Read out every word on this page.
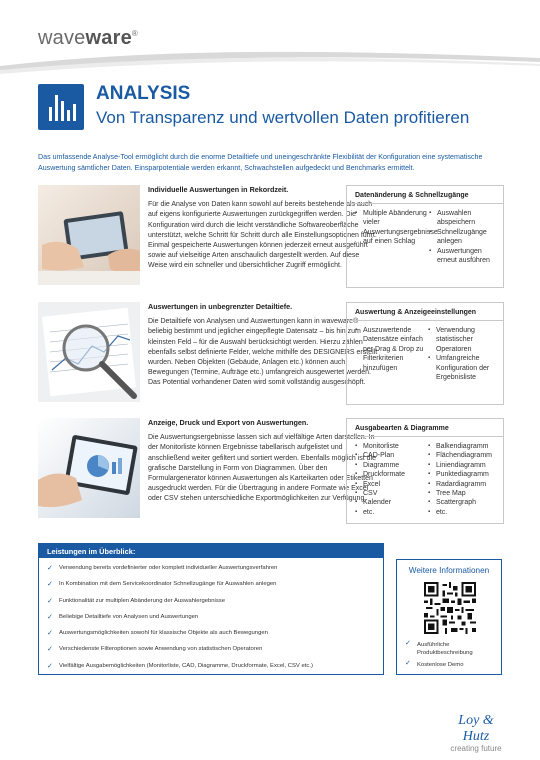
waveware®
ANALYSIS
Von Transparenz und wertvollen Daten profitieren

Das umfassende Analyse-Tool ermöglicht durch die enorme Detailtiefe und uneingeschränkte Flexibilität der Konfiguration eine systematische Auswertung sämtlicher Daten. Einsparpotentiale werden erkannt, Schwachstellen aufgedeckt und Benchmarks ermittelt.

Individuelle Auswertungen in Rekordzeit.

Für die Analyse von Daten kann sowohl auf bereits bestehende als auch auf eigens konfigurierte Auswertungen zurückgegriffen werden. Die Konfiguration wird durch die leicht verständliche Softwareoberfläche unterstützt, welche Schritt für Schritt durch alle Einstellungsoptionen führt. Einmal gespeicherte Auswertungen können jederzeit erneut ausgeführt sowie auf vielseitige Arten anschaulich dargestellt werden. Auf diese Weise wird ein schneller und übersichtlicher Zugriff ermöglicht.

Datenänderung & Schnellzugänge
▪ Multiple Abänderung vieler Auswertungsergebnisse auf einen Schlag
▪ Auswahlen abspeichern
▪ Schnellzugänge anlegen
▪ Auswertungen erneut ausführen
Auswertungen in unbegrenzter Detailtiefe.

Die Detailtiefe von Analysen und Auswertungen kann in waveware® beliebig bestimmt und jeglicher eingepflegte Datensatz – bis hin zum kleinsten Feld – für die Auswahl berücksichtigt werden. Hierzu zählen ebenfalls selbst definierte Felder, welche mithilfe des DESIGNERS erstellt wurden. Neben Objekten (Gebäude, Anlagen etc.) können auch Bewegungen (Termine, Aufträge etc.) umfangreich ausgewertet werden. Das Potential vorhandener Daten wird somit vollständig ausgeschöpft.

Auswertung & Anzeigeeinstellungen
▪ Auszuwertende Datensätze einfach per Drag & Drop zu Filterkriterien hinzufügen
▪ Verwendung statistischer Operatoren
▪ Umfangreiche Konfiguration der Ergebnisliste
Anzeige, Druck und Export von Auswertungen.

Die Auswertungsergebnisse lassen sich auf vielfältige Arten darstellen. In der Monitorliste können Ergebnisse tabellarisch aufgelistet und anschließend weiter gefiltert und sortiert werden. Ebenfalls möglich ist die grafische Darstellung in Form von Diagrammen. Über den Formulargenerator können Auswertungen als Karteikarten oder Etiketten ausgedruckt werden. Für die Übertragung in andere Formate wie Excel oder CSV stehen unterschiedliche Exportmöglichkeiten zur Verfügung.

Ausgabearten & Diagramme
▪ Monitorliste
▪ CAD-Plan
▪ Diagramme
▪ Druckformate
▪ Excel
▪ CSV
▪ Kalender
▪ etc.
▪ Balkendiagramm
▪ Flächendiagramm
▪ Liniendiagramm
▪ Punktediagramm
▪ Radardiagramm
▪ Tree Map
▪ Scattergraph
▪ etc.
Leistungen im Überblick:
✓ Verwendung bereits vordefinierter oder komplett individueller Auswertungsverfahren
✓ In Kombination mit dem Servicekoordinator Schnellzugänge für Auswahlen anlegen
✓ Funktionalität zur multiplen Abänderung der Auswahlergebnisse
✓ Beliebige Detailtiefe von Analysen und Auswertungen
✓ Auswertungsmöglichkeiten sowohl für klassische Objekte als auch Bewegungen
✓ Verschiedenste Filteroptionen sowie Anwendung von statistischen Operatoren
✓ Vielfältige Ausgabemöglichkeiten (Monitorliste, CAD, Diagramme, Druckformate, Excel, CSV etc.)
Weitere Informationen
✓ Ausführliche Produktbeschreibung
✓ Kostenlose Demo
Loy & Hutz
creating future
